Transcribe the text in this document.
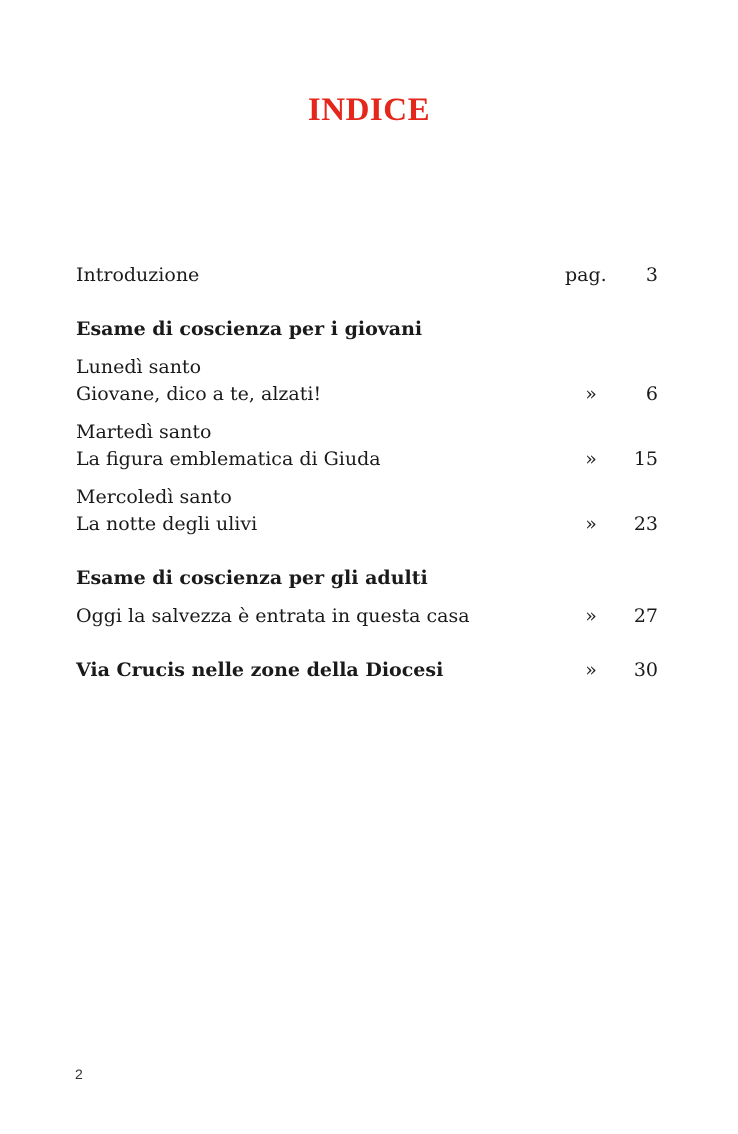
INDICE
Introduzione	pag. 3
Esame di coscienza per i giovani
Lunedì santo
Giovane, dico a te, alzati!	»	6
Martedì santo
La figura emblematica di Giuda	» 15
Mercoledì santo
La notte degli ulivi	» 23
Esame di coscienza per gli adulti
Oggi la salvezza è entrata in questa casa	» 27
Via Crucis nelle zone della Diocesi	» 30
2
